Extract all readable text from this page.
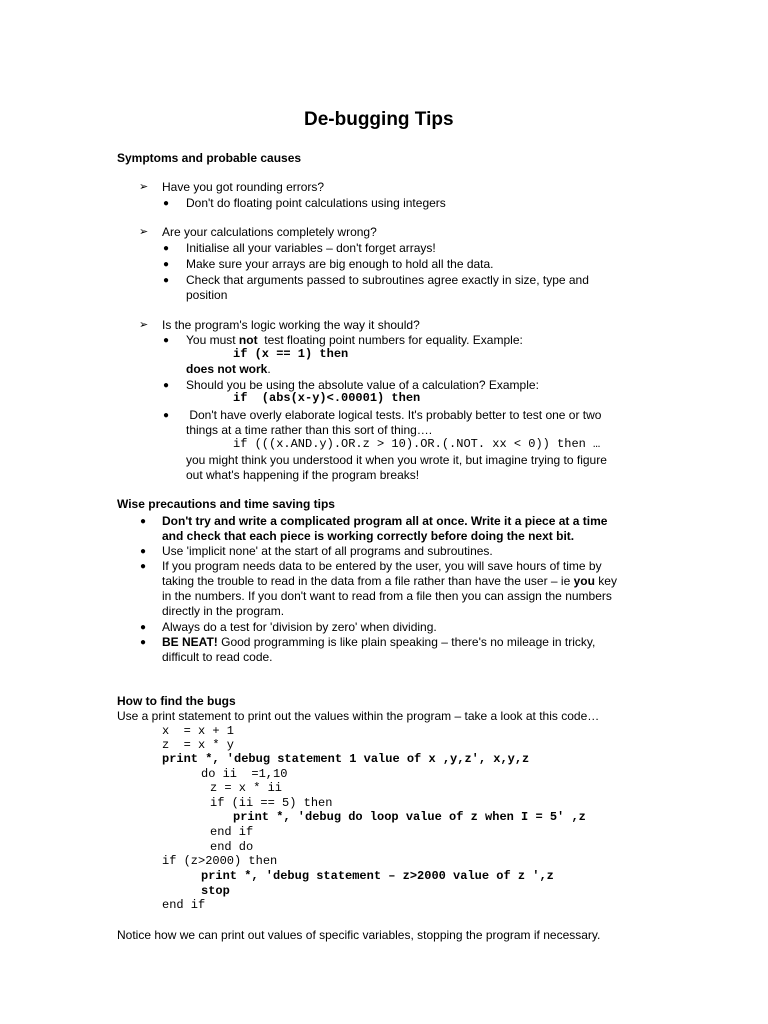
De-bugging Tips
Symptoms and probable causes
➢ Have you got rounding errors?
● Don't do floating point calculations using integers
➢ Are your calculations completely wrong?
● Initialise all your variables – don't forget arrays!
● Make sure your arrays are big enough to hold all the data.
● Check that arguments passed to subroutines agree exactly in size, type and
position
➢ Is the program's logic working the way it should?
● You must not  test floating point numbers for equality. Example:
if (x == 1) then
does not work.
● Should you be using the absolute value of a calculation? Example:
if  (abs(x-y)<.00001) then
● Don't have overly elaborate logical tests. It's probably better to test one or two
things at a time rather than this sort of thing….
if (((x.AND.y).OR.z > 10).OR.(.NOT. xx < 0)) then …
you might think you understood it when you wrote it, but imagine trying to figure
out what's happening if the program breaks!
Wise precautions and time saving tips
● Don't try and write a complicated program all at once. Write it a piece at a time
and check that each piece is working correctly before doing the next bit.
● Use 'implicit none' at the start of all programs and subroutines.
● If you program needs data to be entered by the user, you will save hours of time by
taking the trouble to read in the data from a file rather than have the user – ie you key
in the numbers. If you don't want to read from a file then you can assign the numbers
directly in the program.
● Always do a test for 'division by zero' when dividing.
● BE NEAT! Good programming is like plain speaking – there's no mileage in tricky,
difficult to read code.
How to find the bugs
Use a print statement to print out the values within the program – take a look at this code…
x  = x + 1
z  = x * y
print *, 'debug statement 1 value of x ,y,z', x,y,z
do ii  =1,10
z = x * ii
if (ii == 5) then
print *, 'debug do loop value of z when I = 5' ,z
end if
end do
if (z>2000) then
print *, 'debug statement – z>2000 value of z ',z
stop
end if
Notice how we can print out values of specific variables, stopping the program if necessary.
